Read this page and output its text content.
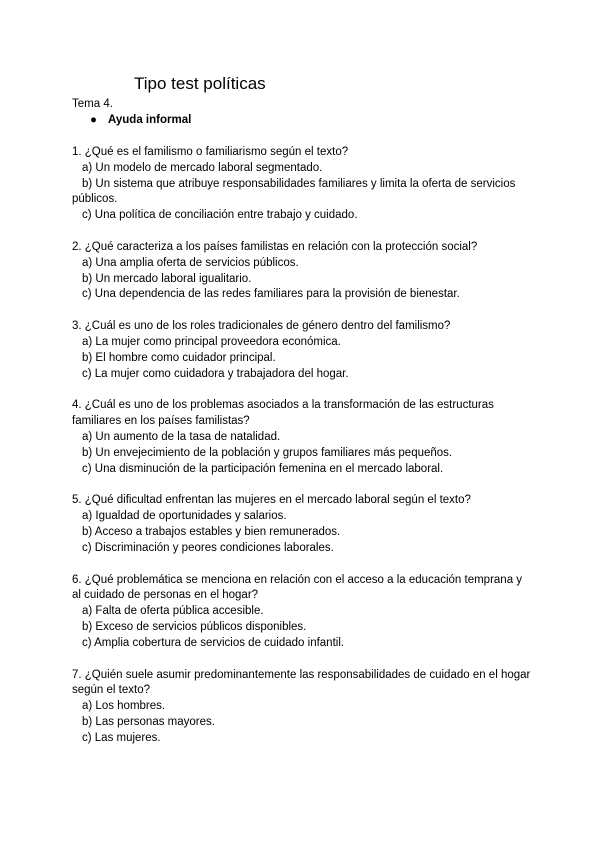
Tipo test políticas
Tema 4.
● Ayuda informal
1. ¿Qué es el familismo o familiarismo según el texto?
a) Un modelo de mercado laboral segmentado.
b) Un sistema que atribuye responsabilidades familiares y limita la oferta de servicios públicos.
c) Una política de conciliación entre trabajo y cuidado.
2. ¿Qué caracteriza a los países familistas en relación con la protección social?
a) Una amplia oferta de servicios públicos.
b) Un mercado laboral igualitario.
c) Una dependencia de las redes familiares para la provisión de bienestar.
3. ¿Cuál es uno de los roles tradicionales de género dentro del familismo?
a) La mujer como principal proveedora económica.
b) El hombre como cuidador principal.
c) La mujer como cuidadora y trabajadora del hogar.
4. ¿Cuál es uno de los problemas asociados a la transformación de las estructuras familiares en los países familistas?
a) Un aumento de la tasa de natalidad.
b) Un envejecimiento de la población y grupos familiares más pequeños.
c) Una disminución de la participación femenina en el mercado laboral.
5. ¿Qué dificultad enfrentan las mujeres en el mercado laboral según el texto?
a) Igualdad de oportunidades y salarios.
b) Acceso a trabajos estables y bien remunerados.
c) Discriminación y peores condiciones laborales.
6. ¿Qué problemática se menciona en relación con el acceso a la educación temprana y al cuidado de personas en el hogar?
a) Falta de oferta pública accesible.
b) Exceso de servicios públicos disponibles.
c) Amplia cobertura de servicios de cuidado infantil.
7. ¿Quién suele asumir predominantemente las responsabilidades de cuidado en el hogar según el texto?
a) Los hombres.
b) Las personas mayores.
c) Las mujeres.
